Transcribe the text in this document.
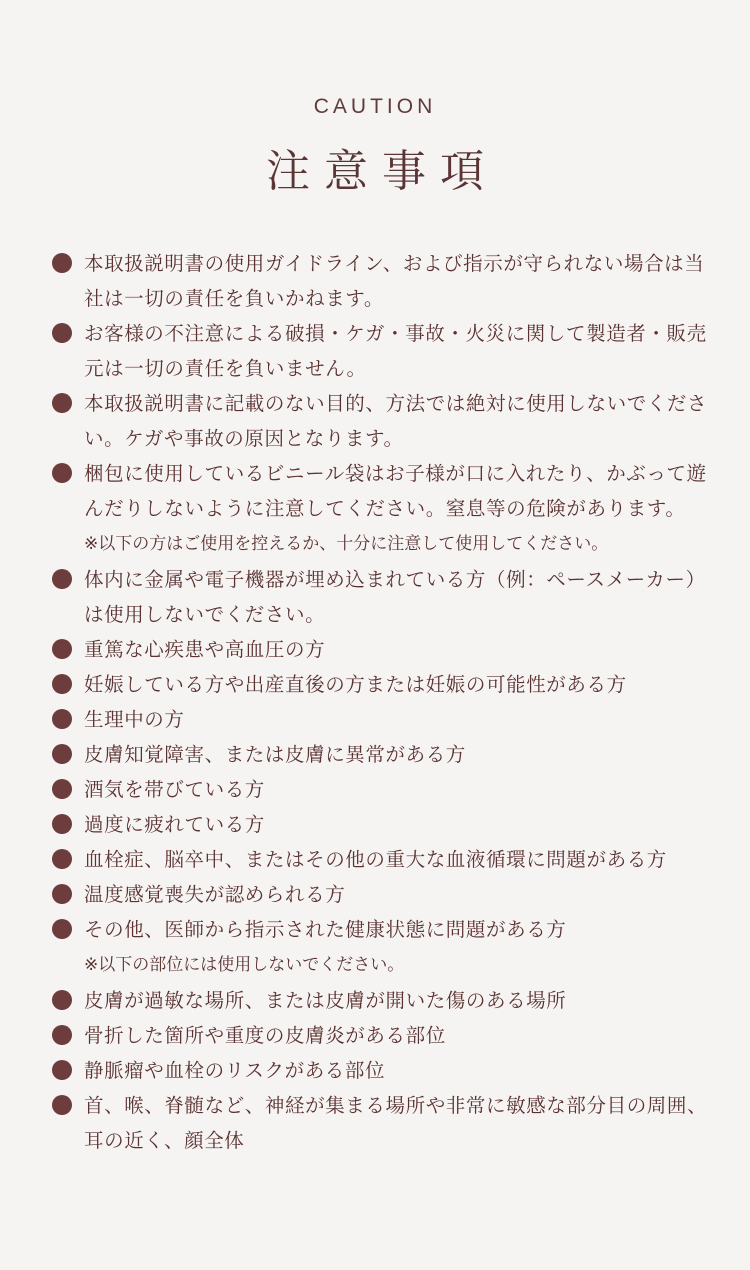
CAUTION
注意事項
本取扱説明書の使用ガイドライン、および指示が守られない場合は当社は一切の責任を負いかねます。
お客様の不注意による破損・ケガ・事故・火災に関して製造者・販売元は一切の責任を負いません。
本取扱説明書に記載のない目的、方法では絶対に使用しないでください。ケガや事故の原因となります。
梱包に使用しているビニール袋はお子様が口に入れたり、かぶって遊んだりしないように注意してください。窒息等の危険があります。
※以下の方はご使用を控えるか、十分に注意して使用してください。
体内に金属や電子機器が埋め込まれている方（例：ペースメーカー）は使用しないでください。
重篤な心疾患や高血圧の方
妊娠している方や出産直後の方または妊娠の可能性がある方
生理中の方
皮膚知覚障害、または皮膚に異常がある方
酒気を帯びている方
過度に疲れている方
血栓症、脳卒中、またはその他の重大な血液循環に問題がある方
温度感覚喪失が認められる方
その他、医師から指示された健康状態に問題がある方
※以下の部位には使用しないでください。
皮膚が過敏な場所、または皮膚が開いた傷のある場所
骨折した箇所や重度の皮膚炎がある部位
静脈瘤や血栓のリスクがある部位
首、喉、脊髄など、神経が集まる場所や非常に敏感な部分目の周囲、耳の近く、顔全体
